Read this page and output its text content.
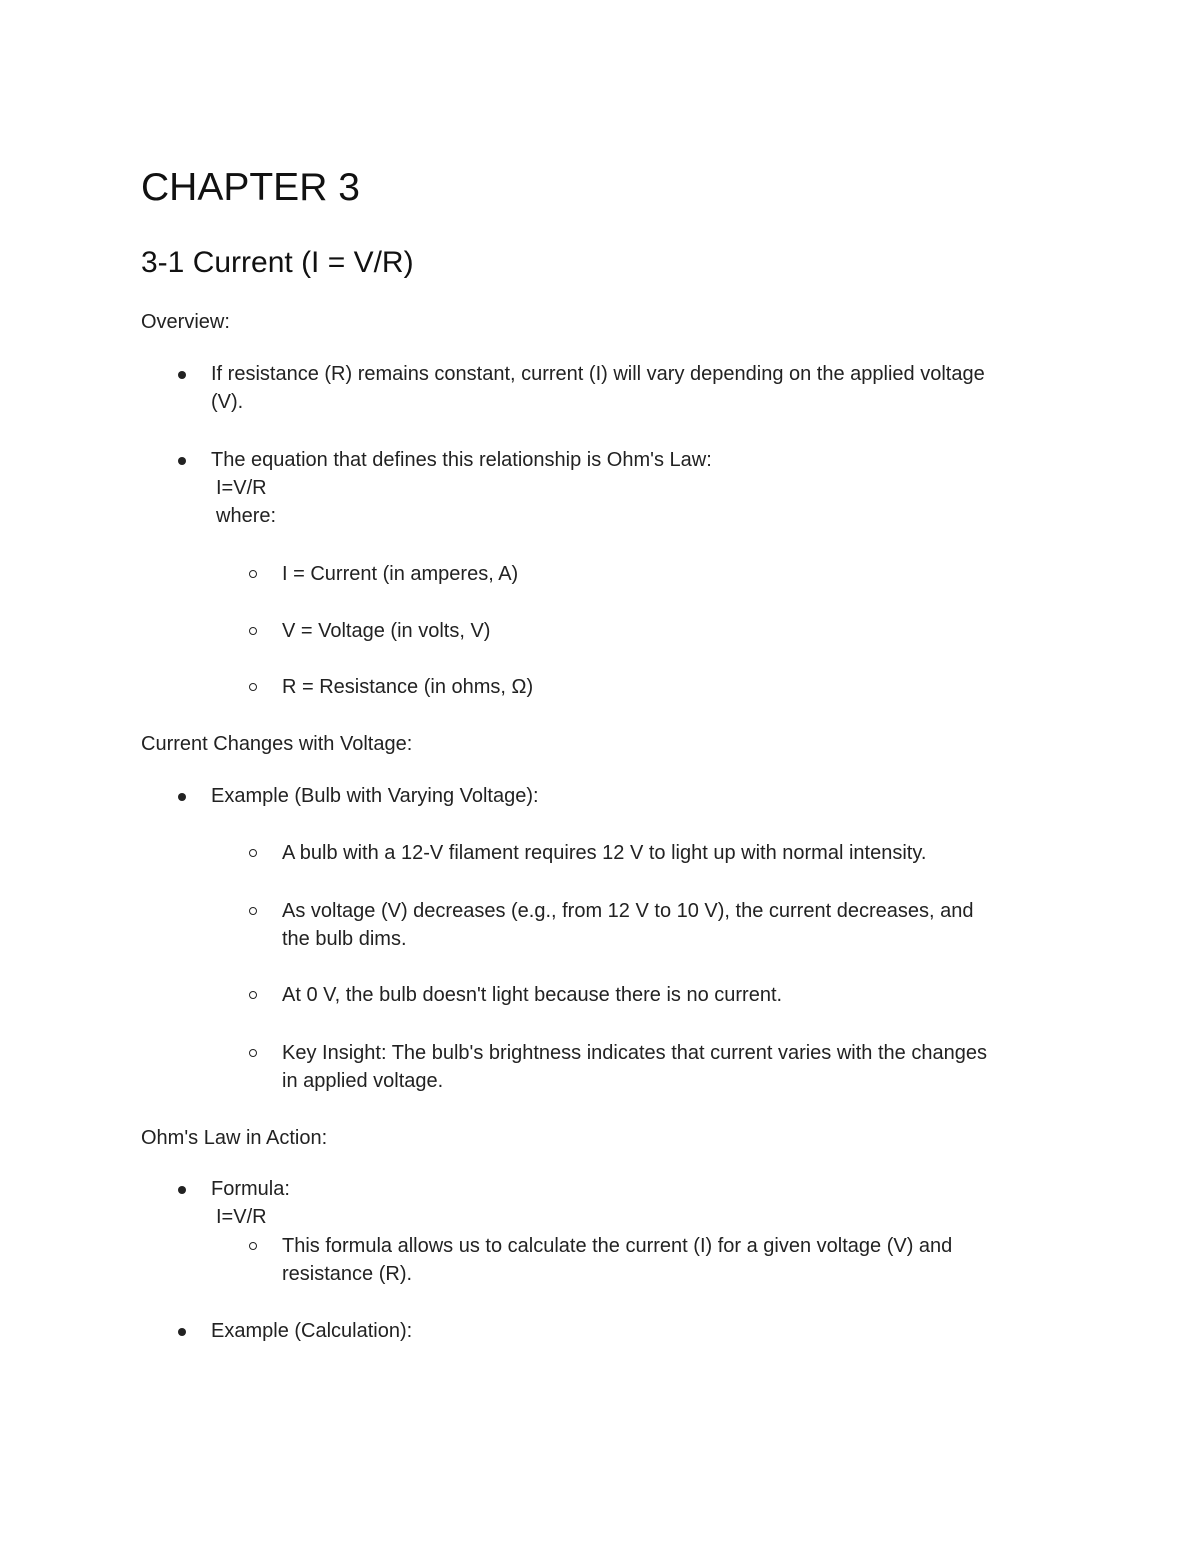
CHAPTER 3
3-1 Current (I = V/R)

Overview:

If resistance (R) remains constant, current (I) will vary depending on the applied voltage
(V).
The equation that defines this relationship is Ohm's Law:
I=V/R
where:
I = Current (in amperes, A)
V = Voltage (in volts, V)
R = Resistance (in ohms, Ω)

Current Changes with Voltage:

Example (Bulb with Varying Voltage):
A bulb with a 12-V filament requires 12 V to light up with normal intensity.
As voltage (V) decreases (e.g., from 12 V to 10 V), the current decreases, and
the bulb dims.
At 0 V, the bulb doesn't light because there is no current.
Key Insight: The bulb's brightness indicates that current varies with the changes
in applied voltage.

Ohm's Law in Action:

Formula:
I=V/R
This formula allows us to calculate the current (I) for a given voltage (V) and
resistance (R).
Example (Calculation):
